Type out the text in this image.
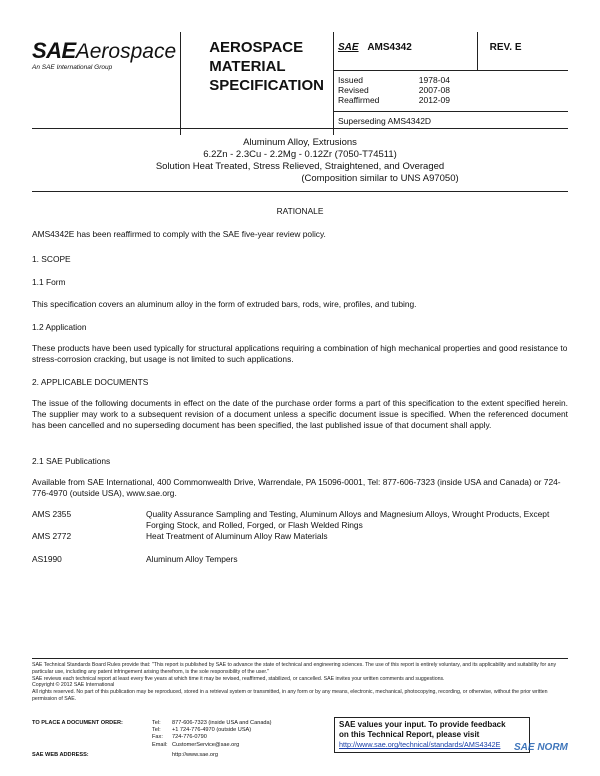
SAEAerospace
An SAE International Group

AEROSPACE
MATERIAL
SPECIFICATION

SAE AMS4342	REV. E

Issued	1978-04
Revised	2007-08
Reaffirmed	2012-09
Superseding AMS4342D
Aluminum Alloy, Extrusions
6.2Zn - 2.3Cu - 2.2Mg - 0.12Zr (7050-T74511)
Solution Heat Treated, Stress Relieved, Straightened, and Overaged
(Composition similar to UNS A97050)
RATIONALE
AMS4342E has been reaffirmed to comply with the SAE five-year review policy.
1. SCOPE
1.1 Form
This specification covers an aluminum alloy in the form of extruded bars, rods, wire, profiles, and tubing.
1.2 Application
These products have been used typically for structural applications requiring a combination of high mechanical properties and good resistance to stress-corrosion cracking, but usage is not limited to such applications.
2. APPLICABLE DOCUMENTS
The issue of the following documents in effect on the date of the purchase order forms a part of this specification to the extent specified herein. The supplier may work to a subsequent revision of a document unless a specific document issue is specified. When the referenced document has been cancelled and no superseding document has been specified, the last published issue of that document shall apply.
2.1 SAE Publications
Available from SAE International, 400 Commonwealth Drive, Warrendale, PA 15096-0001, Tel: 877-606-7323 (inside USA and Canada) or 724-776-4970 (outside USA), www.sae.org.
AMS 2355	Quality Assurance Sampling and Testing, Aluminum Alloys and Magnesium Alloys, Wrought Products, Except Forging Stock, and Rolled, Forged, or Flash Welded Rings
AMS 2772	Heat Treatment of Aluminum Alloy Raw Materials
AS1990	Aluminum Alloy Tempers
SAE Technical Standards Board Rules provide that: "This report is published by SAE to advance the state of technical and engineering sciences. The use of this report is entirely voluntary, and its applicability and suitability for any particular use, including any patent infringement arising therefrom, is the sole responsibility of the user."
SAE reviews each technical report at least every five years at which time it may be revised, reaffirmed, stabilized, or cancelled. SAE invites your written comments and suggestions.
Copyright © 2012 SAE International
All rights reserved. No part of this publication may be reproduced, stored in a retrieval system or transmitted, in any form or by any means, electronic, mechanical, photocopying, recording, or otherwise, without the prior written permission of SAE.
TO PLACE A DOCUMENT ORDER:	Tel:	877-606-7323 (inside USA and Canada)
Tel:	+1 724-776-4970 (outside USA)
Fax:	724-776-0790
Email: CustomerService@sae.org
SAE WEB ADDRESS:	http://www.sae.org
SAE values your input. To provide feedback
on this Technical Report, please visit
http://www.sae.org/technical/standards/AMS4342E	SAE NORM
